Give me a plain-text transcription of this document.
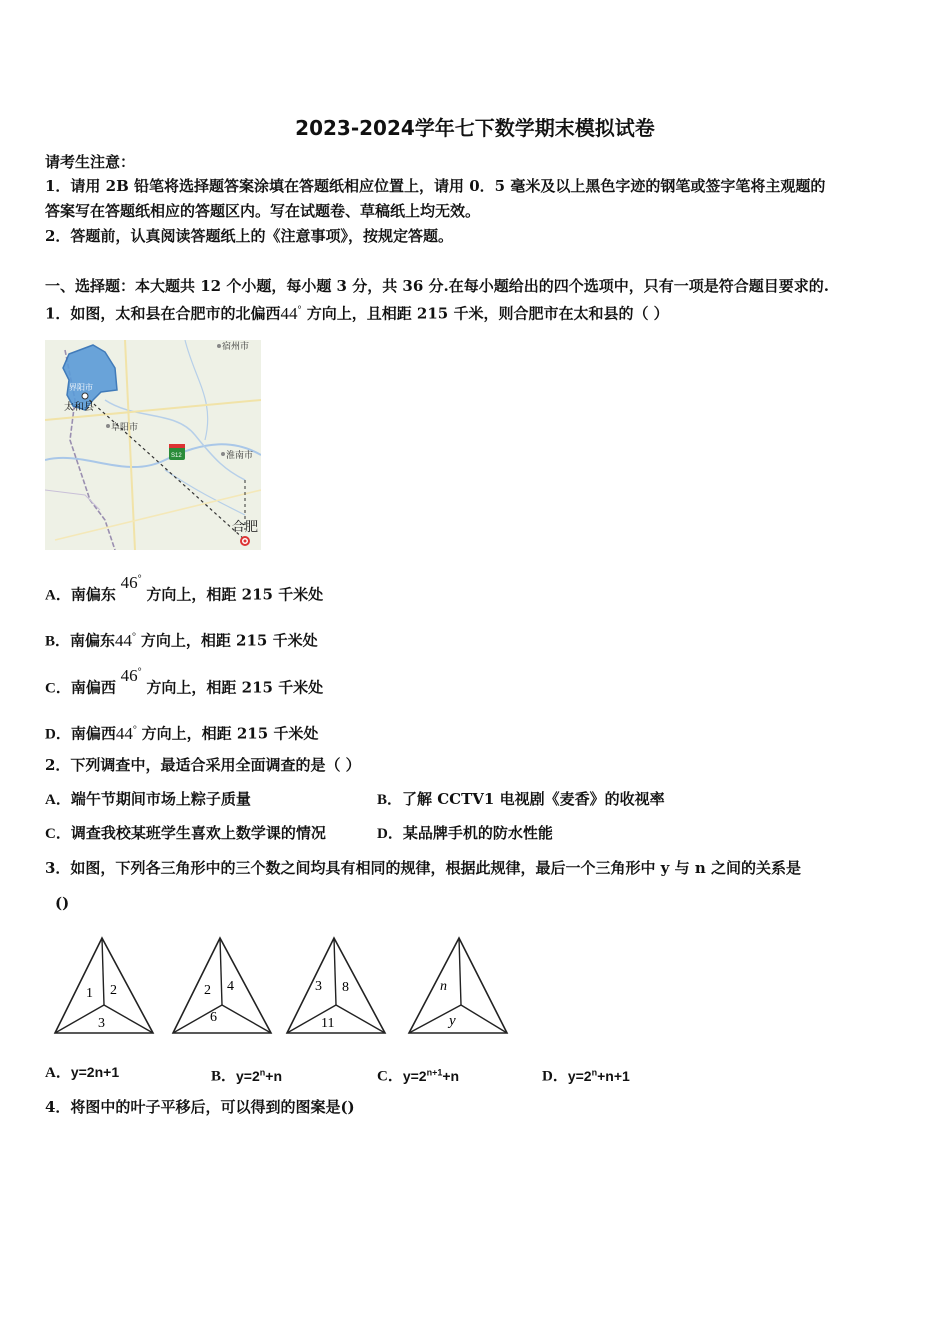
2023-2024学年七下数学期末模拟试卷
请考生注意：
1．请用 2B 铅笔将选择题答案涂填在答题纸相应位置上，请用 0．5 毫米及以上黑色字迹的钢笔或签字笔将主观题的
答案写在答题纸相应的答题区内。写在试题卷、草稿纸上均无效。
2．答题前，认真阅读答题纸上的《注意事项》，按规定答题。
一、选择题：本大题共 12 个小题，每小题 3 分，共 36 分.在每小题给出的四个选项中，只有一项是符合题目要求的.
1．如图，太和县在合肥市的北偏西44° 方向上，且相距 215 千米，则合肥市在太和县的（ ）
宿州市
界阳市
太和县
阜阳市
S12	淮南市
合肥
A．南偏东 46° 方向上，相距 215 千米处
B．南偏东44° 方向上，相距 215 千米处
C．南偏西 46° 方向上，相距 215 千米处
D．南偏西44° 方向上，相距 215 千米处
2．下列调查中，最适合采用全面调查的是（ ）
A．端午节期间市场上粽子质量	B．了解 CCTV1 电视剧《麦香》的收视率
C．调查我校某班学生喜欢上数学课的情况	D．某品牌手机的防水性能
3．如图，下列各三角形中的三个数之间均具有相同的规律，根据此规律，最后一个三角形中 y 与 n 之间的关系是
()
1 2
3
2 4
6
3 8
11
n
y
A．y=2n+1	B．$y=2^n+n$	C．$y=2^{n+1}+n$	D．$y=2^n+n+1$
4．将图中的叶子平移后，可以得到的图案是()
